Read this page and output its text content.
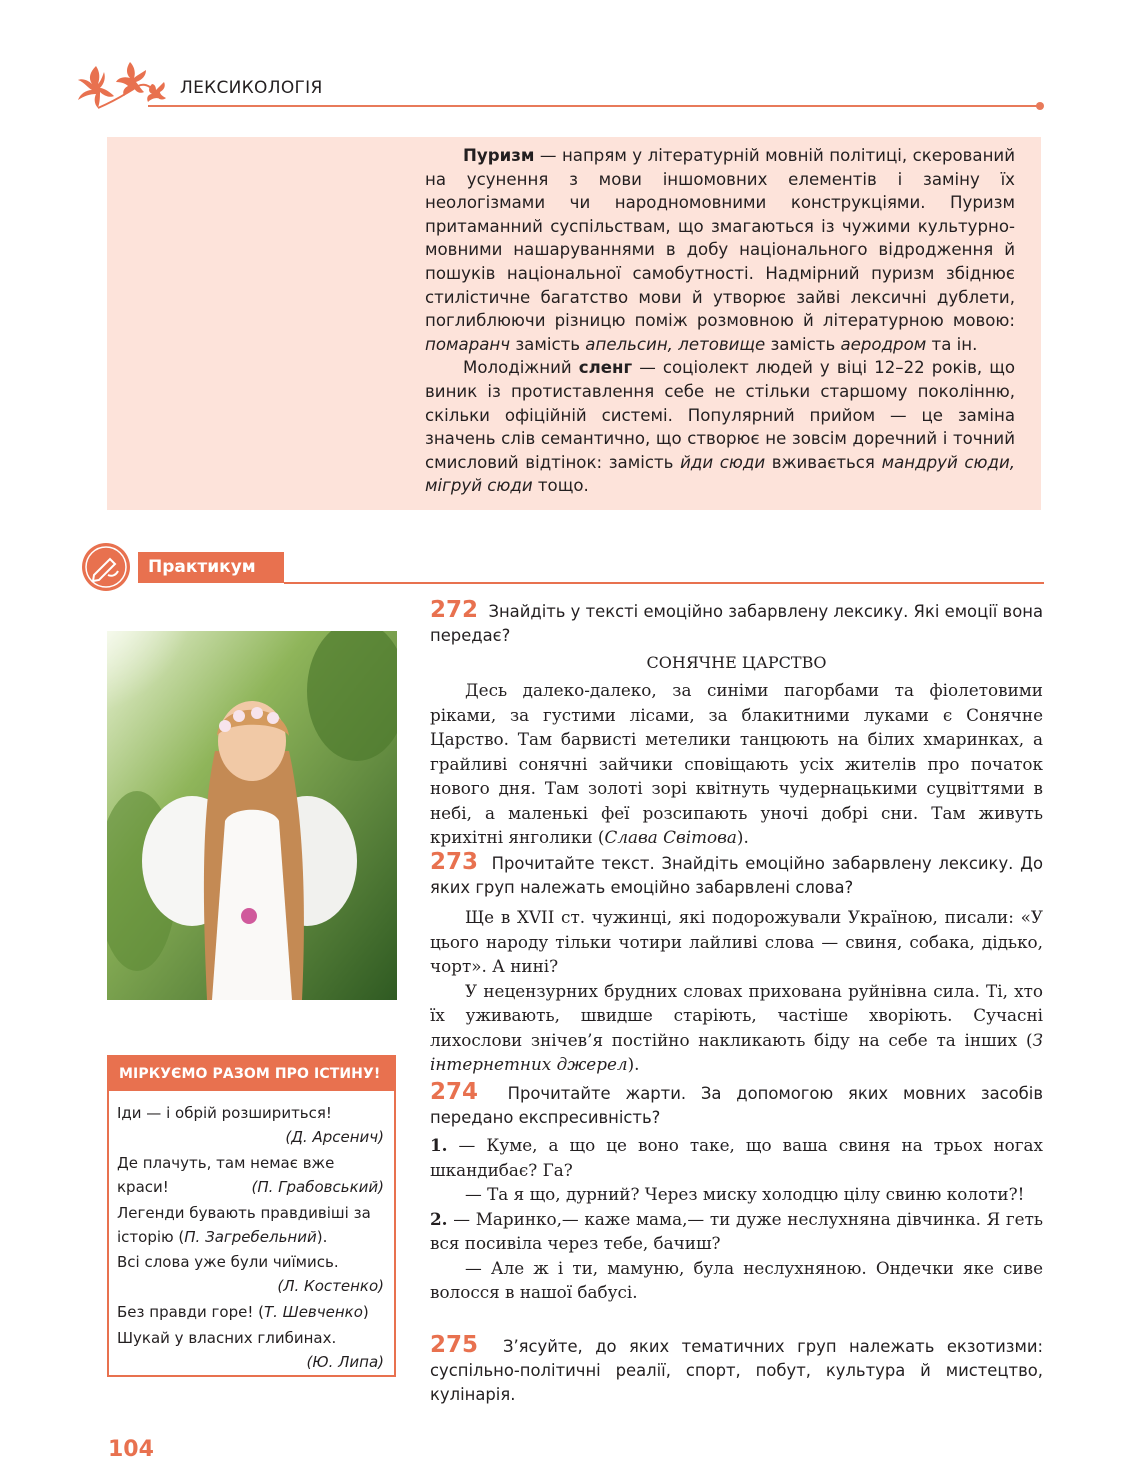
ЛЕКСИКОЛОГІЯ

Пуризм — напрям у літературній мовній політиці, скерований на усунення з мови іншомовних елементів і заміну їх неологізмами чи народномовними конструкціями. Пуризм притаманний суспільствам, що змагаються із чужими культурно-мовними нашаруваннями в добу національного відродження й пошуків національної самобутності. Надмірний пуризм збіднює стилістичне багатство мови й утворює зайві лексичні дублети, поглиблюючи різницю поміж розмовною й літературною мовою: помаранч замість апельсин, летовище замість аеродром та ін.

Молодіжний сленг — соціолект людей у віці 12–22 років, що виник із протиставлення себе не стільки старшому поколінню, скільки офіційній системі. Популярний прийом — це заміна значень слів семантично, що створює не зовсім доречний і точний смисловий відтінок: замість йди сюди вживається мандруй сюди, мігруй сюди тощо.

Практикум
МІРКУЄМО РАЗОМ ПРО ІСТИНУ!
Іди — і обрій розшириться!
(Д. Арсенич)
Де плачуть, там немає вже краси!	(П. Грабовський)
Легенди бувають правдивіші за
історію (П. Загребельний).
Всі слова уже були чиїмись.
(Л. Костенко)
Без правди горе! (Т. Шевченко)
Шукай у власних глибинах.
(Ю. Липа)
272 Знайдіть у тексті емоційно забарвлену лексику. Які емоції вона передає?
СОНЯЧНЕ ЦАРСТВО

Десь далеко-далеко, за синіми пагорбами та фіолетовими ріками, за густими лісами, за блакитними луками є Сонячне Царство. Там барвисті метелики танцюють на білих хмаринках, а грайливі сонячні зайчики сповіщають усіх жителів про початок нового дня. Там золоті зорі квітнуть чудернацькими суцвіттями в небі, а маленькі феї розсипають уночі добрі сни. Там живуть крихітні янголики (Слава Світова).

273 Прочитайте текст. Знайдіть емоційно забарвлену лексику. До яких груп належать емоційно забарвлені слова?

Ще в XVII ст. чужинці, які подорожували Україною, писали: «У цього народу тільки чотири лайливі слова — свиня, собака, дідько, чорт». А нині?

У нецензурних брудних словах прихована руйнівна сила. Ті, хто їх уживають, швидше старіють, частіше хворіють. Сучасні лихослови знічев’я постійно накликають біду на себе та інших (З інтернетних джерел).

274 Прочитайте жарти. За допомогою яких мовних засобів передано експресивність?

1. — Куме, а що це воно таке, що ваша свиня на трьох ногах шкандибає? Га?

— Та я що, дурний? Через миску холодцю цілу свиню колоти?!

2. — Маринко,— каже мама,— ти дуже неслухняна дівчинка. Я геть вся посивіла через тебе, бачиш?

— Але ж і ти, мамуню, була неслухняною. Ондечки яке сиве волосся в нашої бабусі.

275 З’ясуйте, до яких тематичних груп належать екзотизми: суспільно-політичні реалії, спорт, побут, культура й мистецтво, кулінарія.
104
